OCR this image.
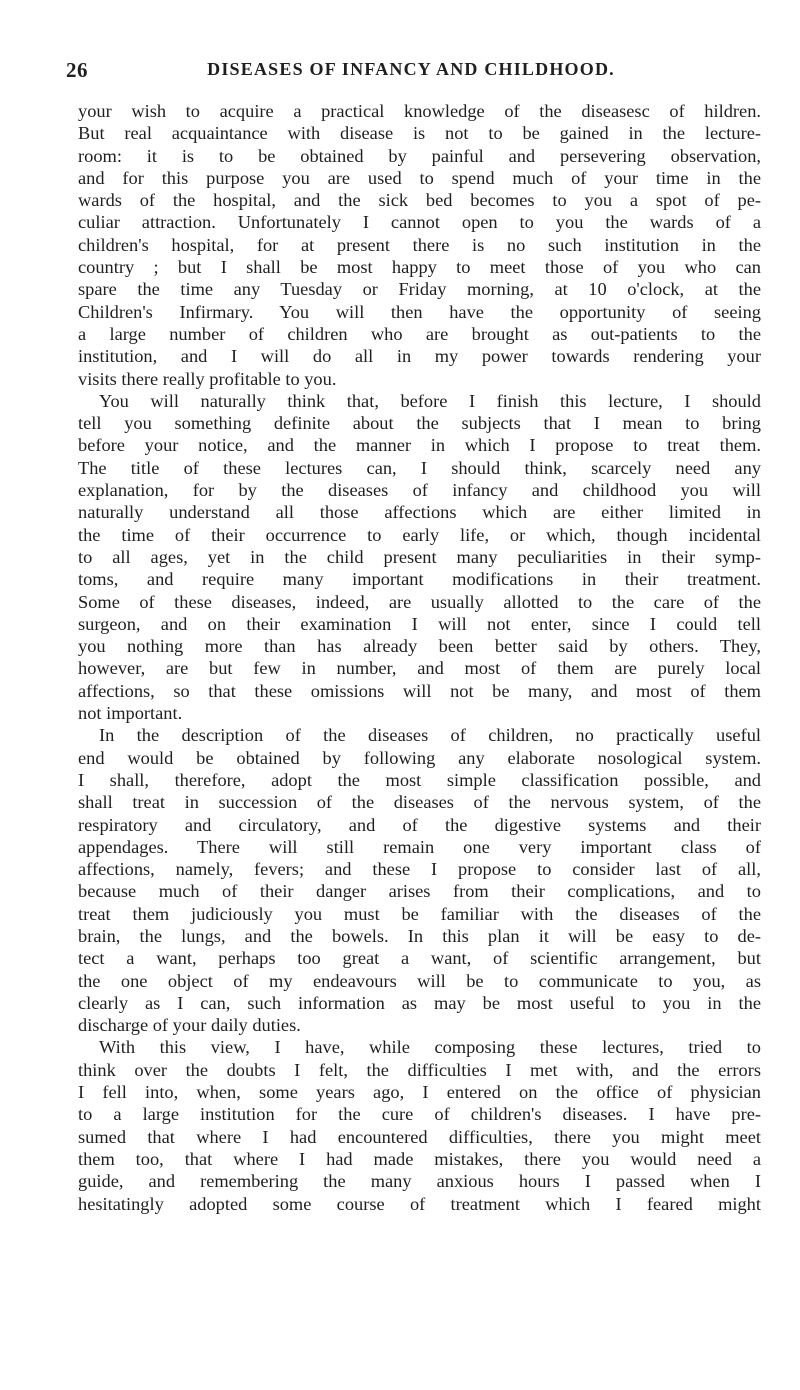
26	DISEASES OF INFANCY AND CHILDHOOD.
your wish to acquire a practical knowledge of the diseasesc of hildren.
But real acquaintance with disease is not to be gained in the lecture-
room: it is to be obtained by painful and persevering observation,
and for this purpose you are used to spend much of your time in the
wards of the hospital, and the sick bed becomes to you a spot of pe-
culiar attraction. Unfortunately I cannot open to you the wards of a
children's hospital, for at present there is no such institution in the
country ; but I shall be most happy to meet those of you who can
spare the time any Tuesday or Friday morning, at 10 o'clock, at the
Children's Infirmary. You will then have the opportunity of seeing
a large number of children who are brought as out-patients to the
institution, and I will do all in my power towards rendering your
visits there really profitable to you.
You will naturally think that, before I finish this lecture, I should
tell you something definite about the subjects that I mean to bring
before your notice, and the manner in which I propose to treat them.
The title of these lectures can, I should think, scarcely need any
explanation, for by the diseases of infancy and childhood you will
naturally understand all those affections which are either limited in
the time of their occurrence to early life, or which, though incidental
to all ages, yet in the child present many peculiarities in their symp-
toms, and require many important modifications in their treatment.
Some of these diseases, indeed, are usually allotted to the care of the
surgeon, and on their examination I will not enter, since I could tell
you nothing more than has already been better said by others. They,
however, are but few in number, and most of them are purely local
affections, so that these omissions will not be many, and most of them
not important.
In the description of the diseases of children, no practically useful
end would be obtained by following any elaborate nosological system.
I shall, therefore, adopt the most simple classification possible, and
shall treat in succession of the diseases of the nervous system, of the
respiratory and circulatory, and of the digestive systems and their
appendages. There will still remain one very important class of
affections, namely, fevers; and these I propose to consider last of all,
because much of their danger arises from their complications, and to
treat them judiciously you must be familiar with the diseases of the
brain, the lungs, and the bowels. In this plan it will be easy to de-
tect a want, perhaps too great a want, of scientific arrangement, but
the one object of my endeavours will be to communicate to you, as
clearly as I can, such information as may be most useful to you in the
discharge of your daily duties.
With this view, I have, while composing these lectures, tried to
think over the doubts I felt, the difficulties I met with, and the errors
I fell into, when, some years ago, I entered on the office of physician
to a large institution for the cure of children's diseases. I have pre-
sumed that where I had encountered difficulties, there you might meet
them too, that where I had made mistakes, there you would need a
guide, and remembering the many anxious hours I passed when I
hesitatingly adopted some course of treatment which I feared might
